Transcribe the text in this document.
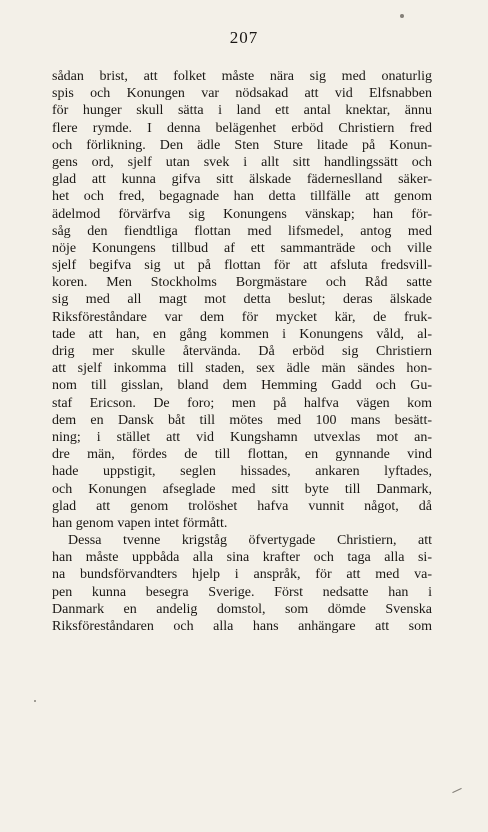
207
sådan brist, att folket måste nära sig med onaturlig
spis och Konungen var nödsakad att vid Elfsnabben
för hunger skull sätta i land ett antal knektar, ännu
flere rymde. I denna belägenhet erböd Christiern fred
och förlikning. Den ädle Sten Sture litade på Konun-
gens ord, sjelf utan svek i allt sitt handlingssätt och
glad att kunna gifva sitt älskade fäderneslland säker-
het och fred, begagnade han detta tillfälle att genom
ädelmod förvärfva sig Konungens vänskap; han för-
såg den fiendtliga flottan med lifsmedel, antog med
nöje Konungens tillbud af ett sammanträde och ville
sjelf begifva sig ut på flottan för att afsluta fredsvill-
koren. Men Stockholms Borgmästare och Råd satte
sig med all magt mot detta beslut; deras älskade
Riksföreståndare var dem för mycket kär, de fruk-
tade att han, en gång kommen i Konungens våld, al-
drig mer skulle återvända. Då erböd sig Christiern
att sjelf inkomma till staden, sex ädle män sändes hon-
nom till gisslan, bland dem Hemming Gadd och Gu-
staf Ericson. De foro; men på halfva vägen kom
dem en Dansk båt till mötes med 100 mans besätt-
ning; i stället att vid Kungshamn utvexlas mot an-
dre män, fördes de till flottan, en gynnande vind
hade uppstigit, seglen hissades, ankaren lyftades,
och Konungen afseglade med sitt byte till Danmark,
glad att genom trolöshet hafva vunnit något, då
han genom vapen intet förmått.
Dessa tvenne krigståg öfvertygade Christiern, att
han måste uppbåda alla sina krafter och taga alla si-
na bundsförvandters hjelp i anspråk, för att med va-
pen kunna besegra Sverige. Först nedsatte han i
Danmark en andelig domstol, som dömde Svenska
Riksföreståndaren och alla hans anhängare att som
